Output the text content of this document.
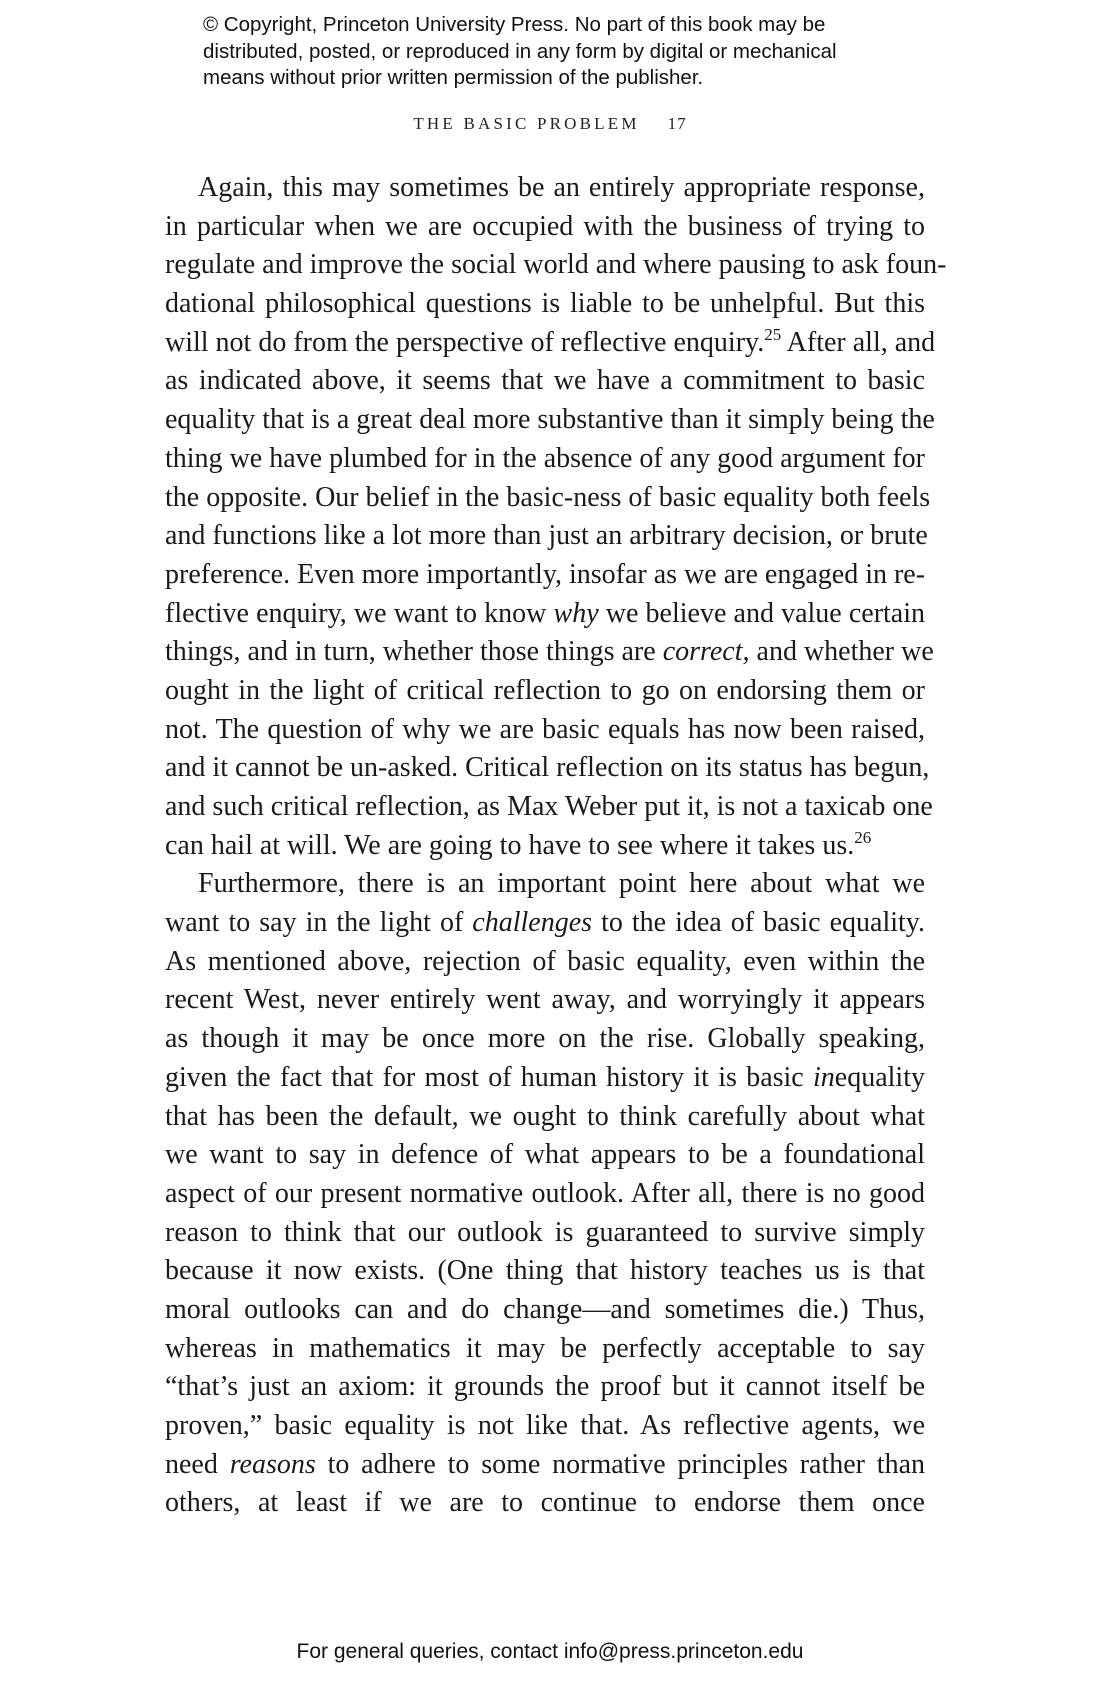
© Copyright, Princeton University Press. No part of this book may be
distributed, posted, or reproduced in any form by digital or mechanical
means without prior written permission of the publisher.
THE BASIC PROBLEM 17
Again, this may sometimes be an entirely appropriate response,
in particular when we are occupied with the business of trying to
regulate and improve the social world and where pausing to ask foun-
dational philosophical questions is liable to be unhelpful. But this
will not do from the perspective of reflective enquiry.$^{25}$ After all, and
as indicated above, it seems that we have a commitment to basic
equality that is a great deal more substantive than it simply being the
thing we have plumbed for in the absence of any good argument for
the opposite. Our belief in the basic-ness of basic equality both feels
and functions like a lot more than just an arbitrary decision, or brute
preference. Even more importantly, insofar as we are engaged in re-
flective enquiry, we want to know why we believe and value certain
things, and in turn, whether those things are correct, and whether we
ought in the light of critical reflection to go on endorsing them or
not. The question of why we are basic equals has now been raised,
and it cannot be un-asked. Critical reflection on its status has begun,
and such critical reflection, as Max Weber put it, is not a taxicab one
can hail at will. We are going to have to see where it takes us.$^{26}$
Furthermore, there is an important point here about what we
want to say in the light of challenges to the idea of basic equality.
As mentioned above, rejection of basic equality, even within the
recent West, never entirely went away, and worryingly it appears
as though it may be once more on the rise. Globally speaking,
given the fact that for most of human history it is basic inequality
that has been the default, we ought to think carefully about what
we want to say in defence of what appears to be a foundational
aspect of our present normative outlook. After all, there is no good
reason to think that our outlook is guaranteed to survive simply
because it now exists. (One thing that history teaches us is that
moral outlooks can and do change—and sometimes die.) Thus,
whereas in mathematics it may be perfectly acceptable to say
“that’s just an axiom: it grounds the proof but it cannot itself be
proven,” basic equality is not like that. As reflective agents, we
need reasons to adhere to some normative principles rather than
others, at least if we are to continue to endorse them once
For general queries, contact info@press.princeton.edu
